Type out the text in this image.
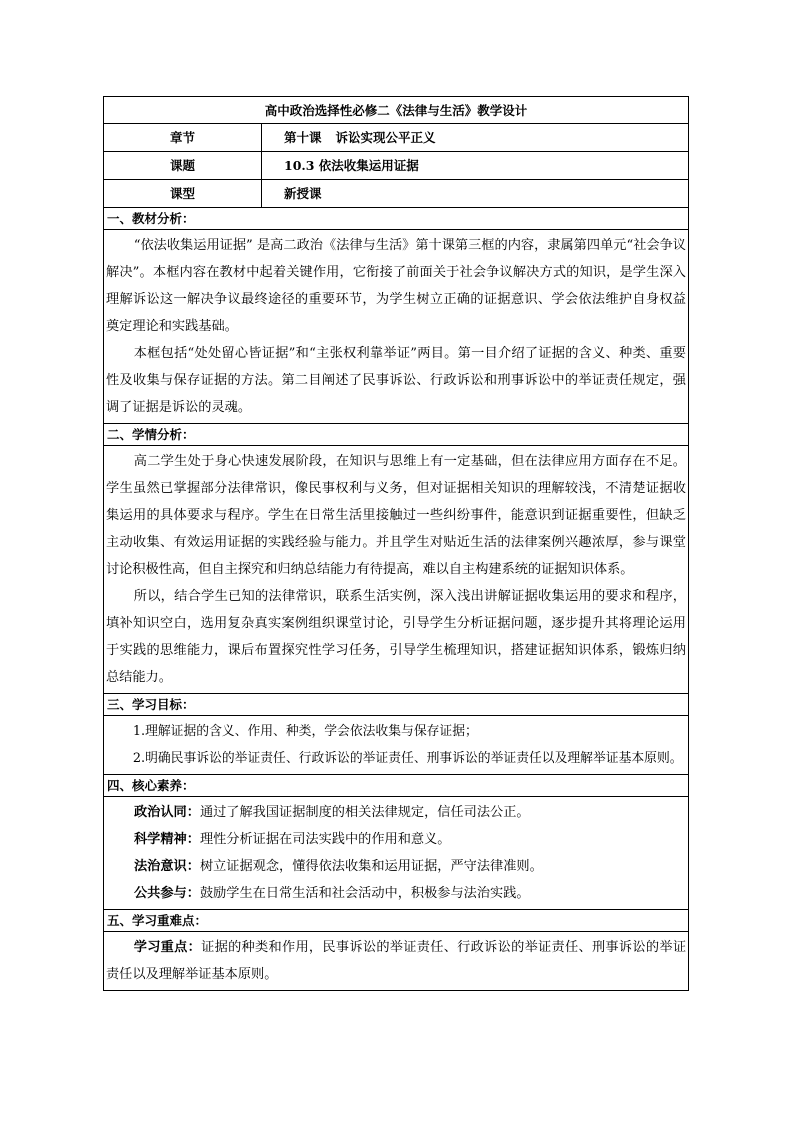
高中政治选择性必修二《法律与生活》教学设计
章节	第十课 诉讼实现公平正义
课题	10.3 依法收集运用证据
课型	新授课
一、教材分析：

“依法收集运用证据” 是高二政治《法律与生活》第十课第三框的内容，隶属第四单元“社会争议解决”。本框内容在教材中起着关键作用，它衔接了前面关于社会争议解决方式的知识，是学生深入理解诉讼这一解决争议最终途径的重要环节，为学生树立正确的证据意识、学会依法维护自身权益奠定理论和实践基础。

本框包括“处处留心皆证据”和“主张权利靠举证”两目。第一目介绍了证据的含义、种类、重要性及收集与保存证据的方法。第二目阐述了民事诉讼、行政诉讼和刑事诉讼中的举证责任规定，强调了证据是诉讼的灵魂。

二、学情分析：

高二学生处于身心快速发展阶段，在知识与思维上有一定基础，但在法律应用方面存在不足。学生虽然已掌握部分法律常识，像民事权利与义务，但对证据相关知识的理解较浅，不清楚证据收集运用的具体要求与程序。学生在日常生活里接触过一些纠纷事件，能意识到证据重要性，但缺乏主动收集、有效运用证据的实践经验与能力。并且学生对贴近生活的法律案例兴趣浓厚，参与课堂讨论积极性高，但自主探究和归纳总结能力有待提高，难以自主构建系统的证据知识体系。

所以，结合学生已知的法律常识，联系生活实例，深入浅出讲解证据收集运用的要求和程序，填补知识空白，选用复杂真实案例组织课堂讨论，引导学生分析证据问题，逐步提升其将理论运用于实践的思维能力，课后布置探究性学习任务，引导学生梳理知识，搭建证据知识体系，锻炼归纳总结能力。

三、学习目标：

1.理解证据的含义、作用、种类，学会依法收集与保存证据；

2.明确民事诉讼的举证责任、行政诉讼的举证责任、刑事诉讼的举证责任以及理解举证基本原则。

四、核心素养：

政治认同：通过了解我国证据制度的相关法律规定，信任司法公正。

科学精神：理性分析证据在司法实践中的作用和意义。

法治意识：树立证据观念，懂得依法收集和运用证据，严守法律准则。

公共参与：鼓励学生在日常生活和社会活动中，积极参与法治实践。

五、学习重难点：

学习重点：证据的种类和作用，民事诉讼的举证责任、行政诉讼的举证责任、刑事诉讼的举证责任以及理解举证基本原则。
